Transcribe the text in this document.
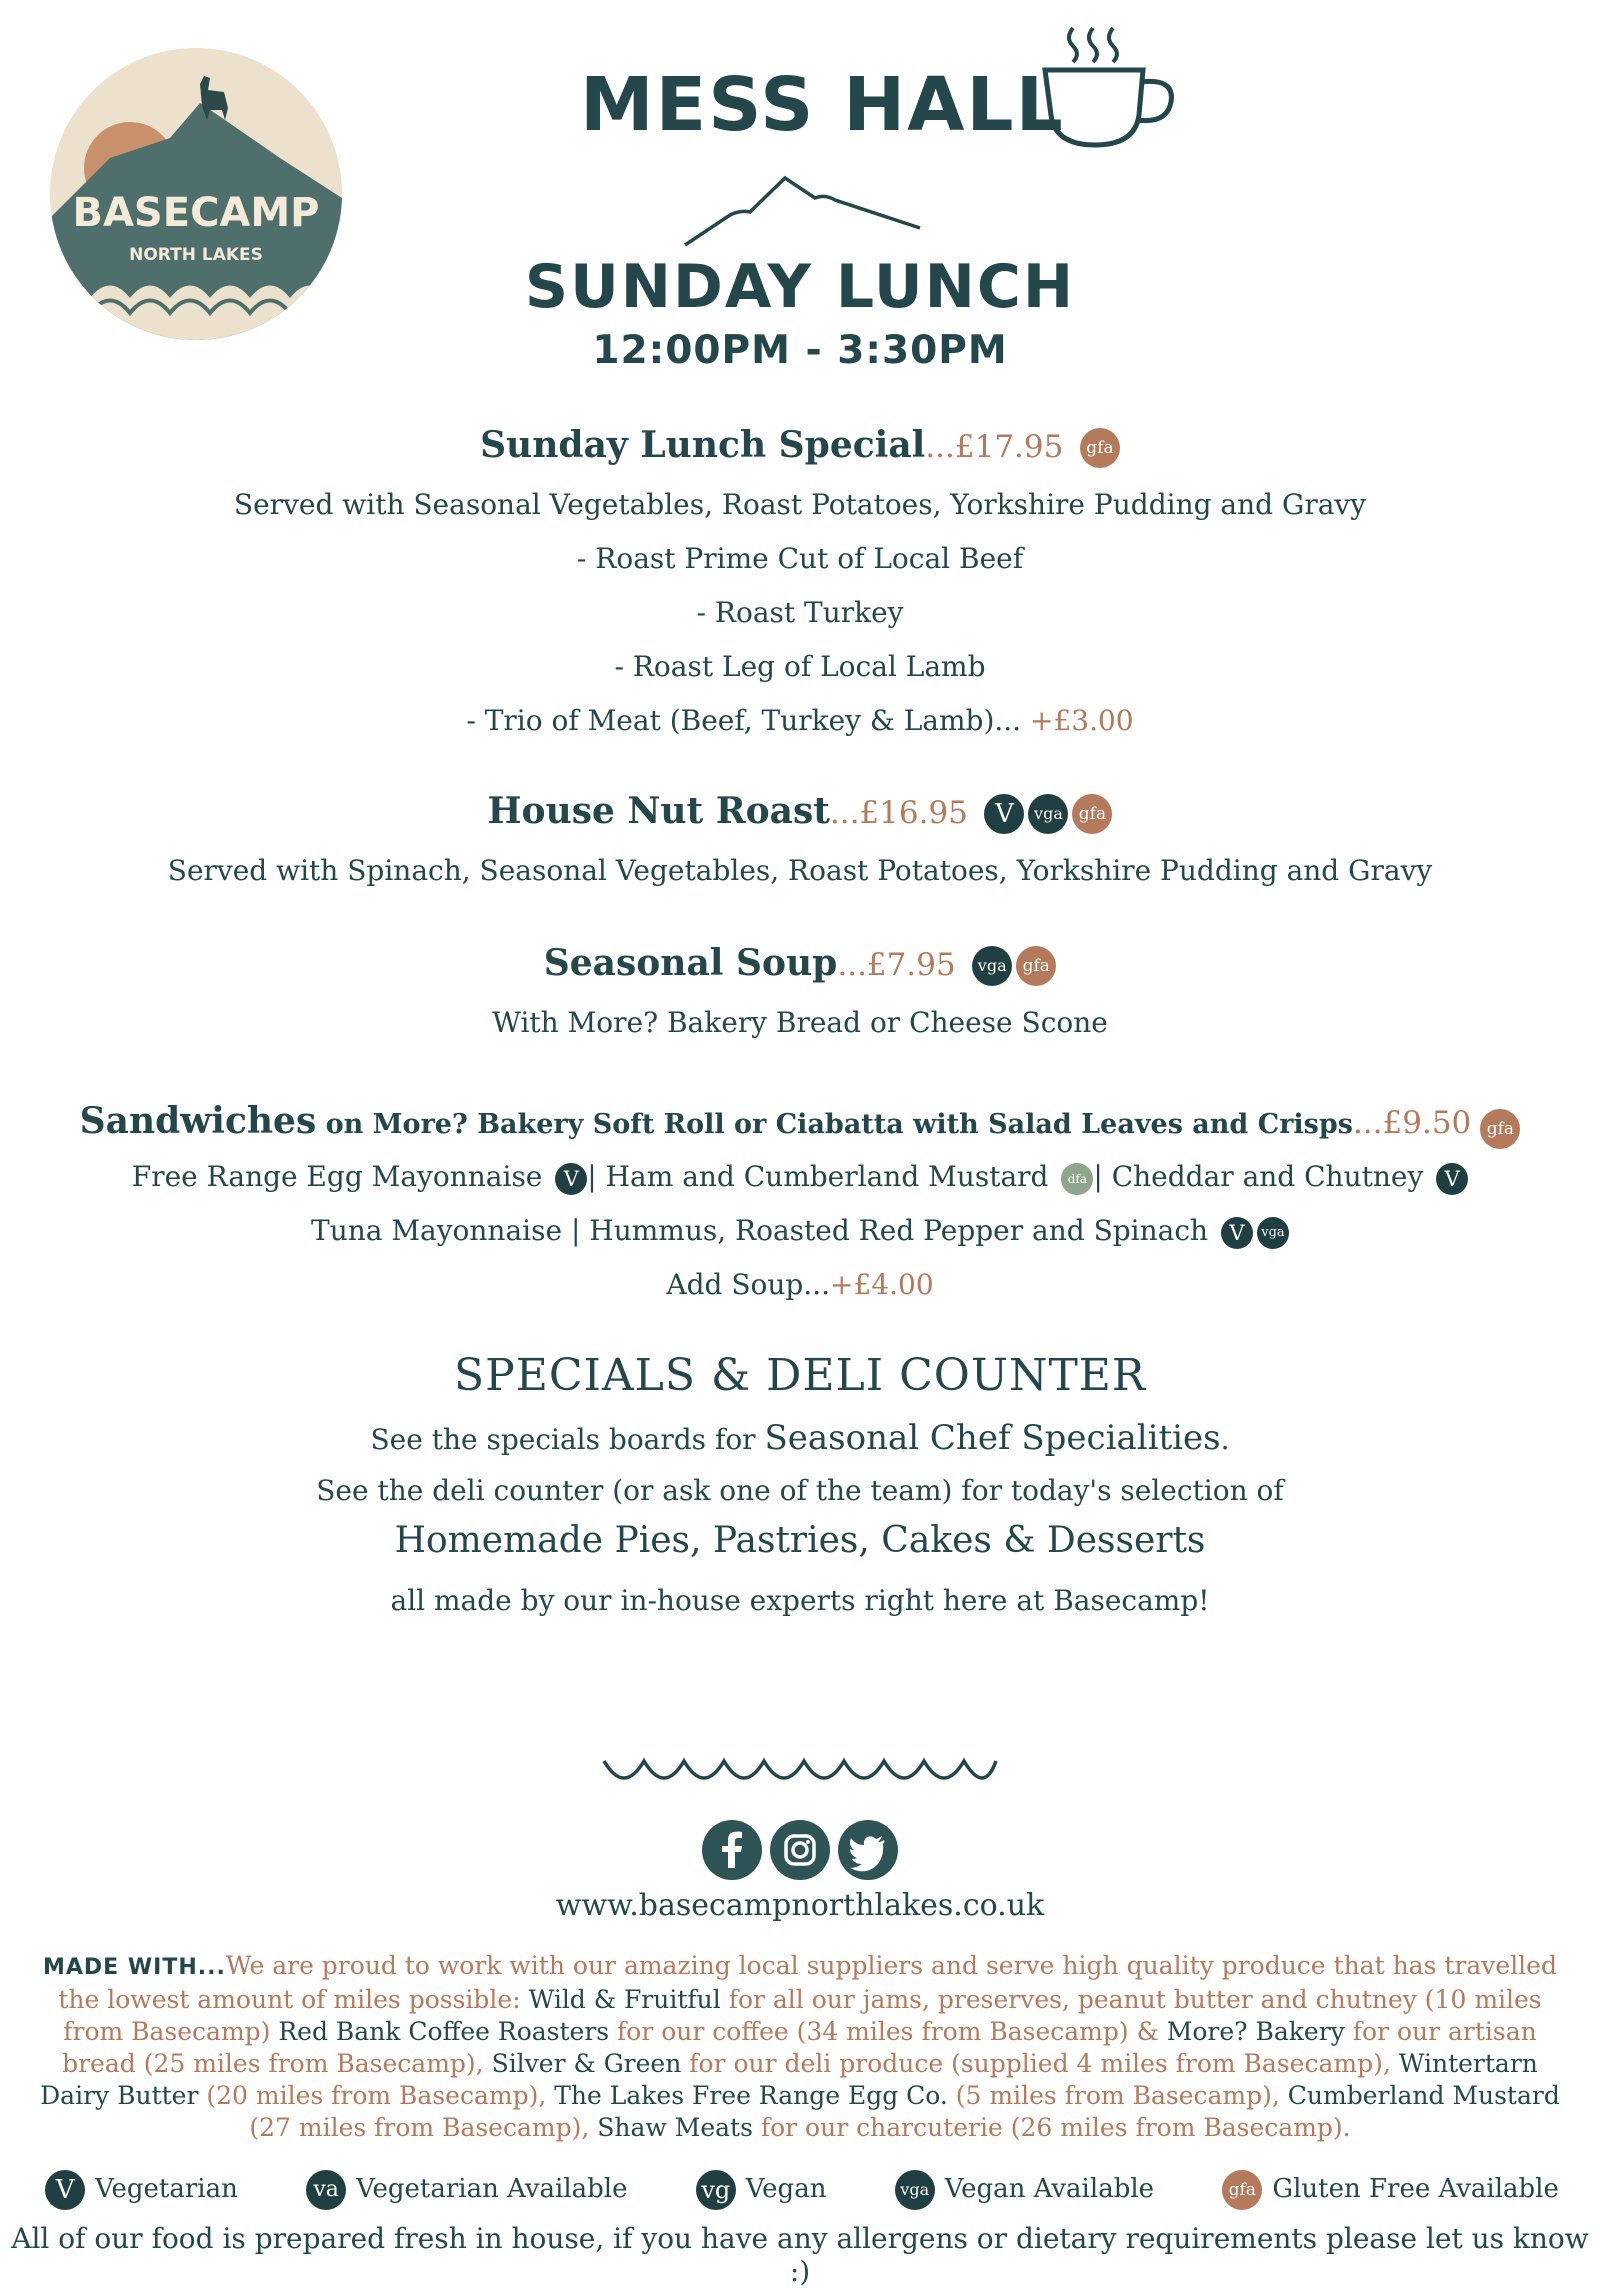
BASECAMP
NORTH LAKES
MESS HALL
SUNDAY LUNCH
12:00PM - 3:30PM
Sunday Lunch Special...£17.95 gfa
Served with Seasonal Vegetables, Roast Potatoes, Yorkshire Pudding and Gravy
- Roast Prime Cut of Local Beef
- Roast Turkey
- Roast Leg of Local Lamb
- Trio of Meat (Beef, Turkey & Lamb)... +£3.00
House Nut Roast...£16.95 V vga gfa
Served with Spinach, Seasonal Vegetables, Roast Potatoes, Yorkshire Pudding and Gravy
Seasonal Soup...£7.95 vga gfa
With More? Bakery Bread or Cheese Scone
Sandwiches on More? Bakery Soft Roll or Ciabatta with Salad Leaves and Crisps...£9.50 gfa
Free Range Egg Mayonnaise V | Ham and Cumberland Mustard dfa | Cheddar and Chutney V
Tuna Mayonnaise | Hummus, Roasted Red Pepper and Spinach V vga
Add Soup...+£4.00
SPECIALS & DELI COUNTER
See the specials boards for Seasonal Chef Specialities.
See the deli counter (or ask one of the team) for today's selection of
Homemade Pies, Pastries, Cakes & Desserts
all made by our in-house experts right here at Basecamp!
www.basecampnorthlakes.co.uk
MADE WITH...We are proud to work with our amazing local suppliers and serve high quality produce that has travelled the lowest amount of miles possible: Wild & Fruitful for all our jams, preserves, peanut butter and chutney (10 miles from Basecamp) Red Bank Coffee Roasters for our coffee (34 miles from Basecamp) & More? Bakery for our artisan bread (25 miles from Basecamp), Silver & Green for our deli produce (supplied 4 miles from Basecamp), Wintertarn Dairy Butter (20 miles from Basecamp), The Lakes Free Range Egg Co. (5 miles from Basecamp), Cumberland Mustard (27 miles from Basecamp), Shaw Meats for our charcuterie (26 miles from Basecamp).
V Vegetarian	va Vegetarian Available	vg Vegan	vga Vegan Available	gfa Gluten Free Available
All of our food is prepared fresh in house, if you have any allergens or dietary requirements please let us know :)
